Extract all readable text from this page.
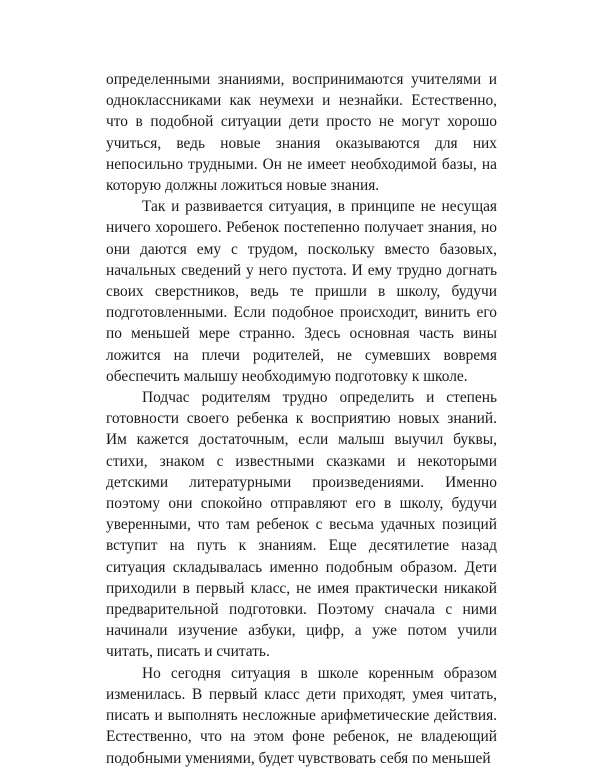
определенными знаниями, воспринимаются учителями и одноклассниками как неумехи и незнайки. Естественно, что в подобной ситуации дети просто не могут хорошо учиться, ведь новые знания оказываются для них непосильно трудными. Он не имеет необходимой базы, на которую должны ложиться новые знания.

Так и развивается ситуация, в принципе не несущая ничего хорошего. Ребенок постепенно получает знания, но они даются ему с трудом, поскольку вместо базовых, начальных сведений у него пустота. И ему трудно догнать своих сверстников, ведь те пришли в школу, будучи подготовленными. Если подобное происходит, винить его по меньшей мере странно. Здесь основная часть вины ложится на плечи родителей, не сумевших вовремя обеспечить малышу необходимую подготовку к школе.

Подчас родителям трудно определить и степень готовности своего ребенка к восприятию новых знаний. Им кажется достаточным, если малыш выучил буквы, стихи, знаком с известными сказками и некоторыми детскими литературными произведениями. Именно поэтому они спокойно отправляют его в школу, будучи уверенными, что там ребенок с весьма удачных позиций вступит на путь к знаниям. Еще десятилетие назад ситуация складывалась именно подобным образом. Дети приходили в первый класс, не имея практически никакой предварительной подготовки. Поэтому сначала с ними начинали изучение азбуки, цифр, а уже потом учили читать, писать и считать.

Но сегодня ситуация в школе коренным образом изменилась. В первый класс дети приходят, умея читать, писать и выполнять несложные арифметические действия. Естественно, что на этом фоне ребенок, не владеющий подобными умениями, будет чувствовать себя по меньшей
